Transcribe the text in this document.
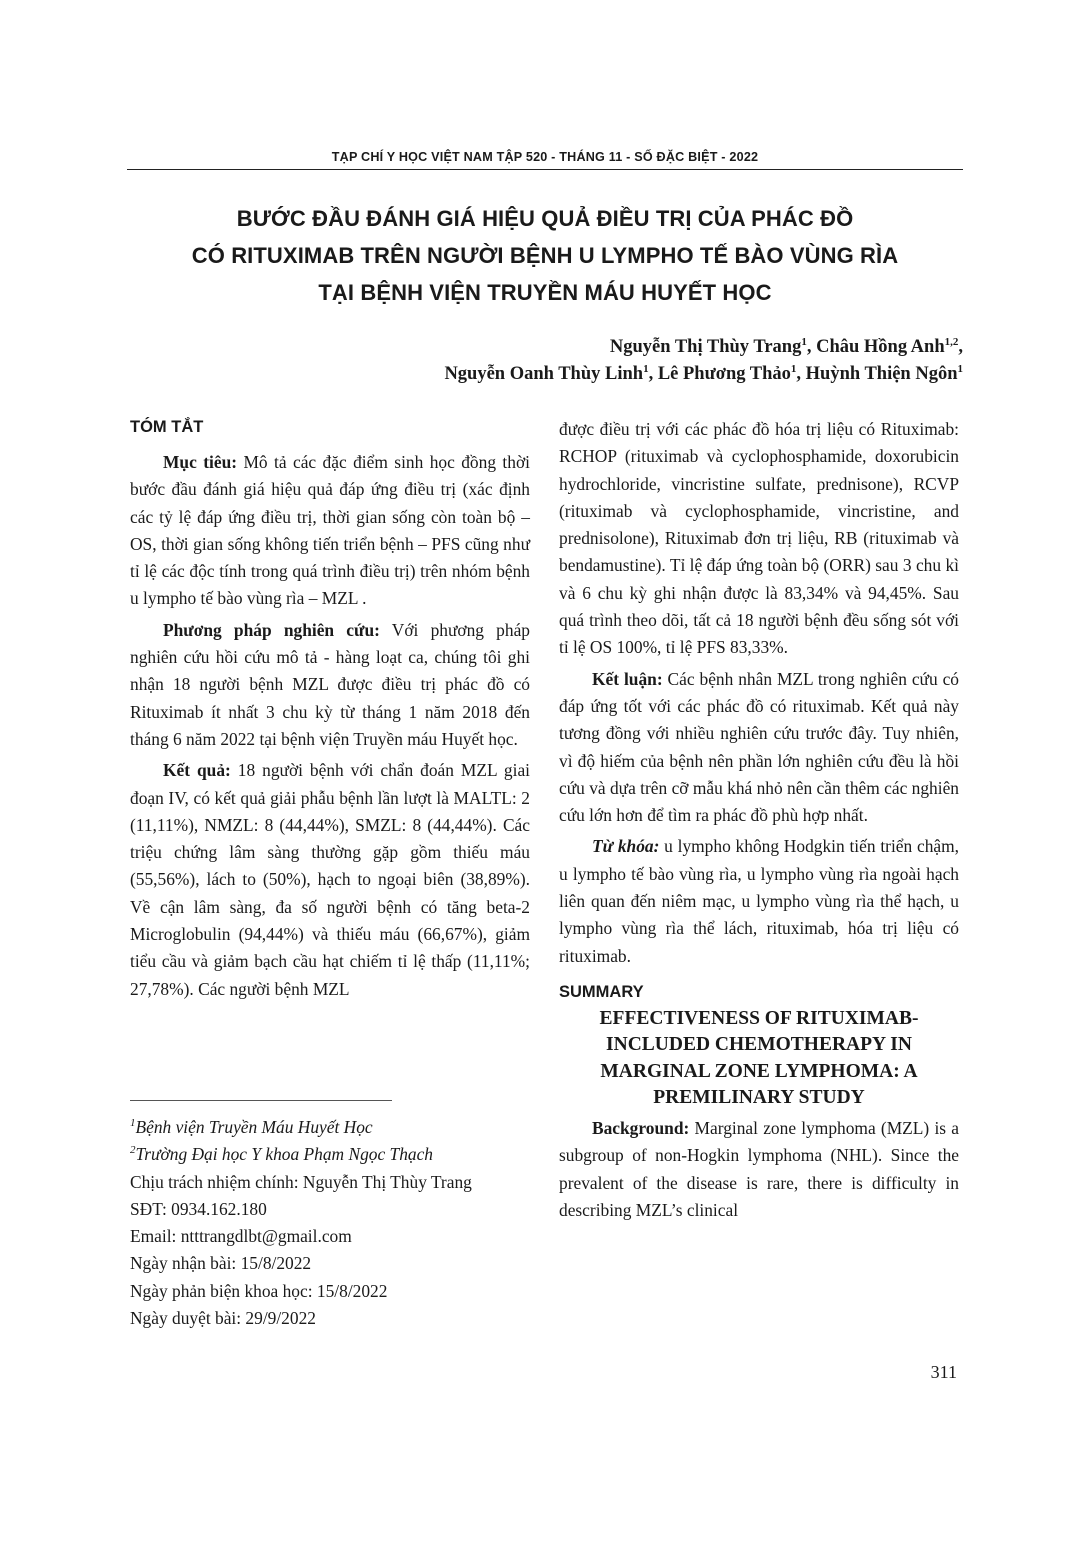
TẠP CHÍ Y HỌC VIỆT NAM TẬP 520 - THÁNG 11 - SỐ ĐẶC BIỆT - 2022
BƯỚC ĐẦU ĐÁNH GIÁ HIỆU QUẢ ĐIỀU TRỊ CỦA PHÁC ĐỒ
CÓ RITUXIMAB TRÊN NGƯỜI BỆNH U LYMPHO TẾ BÀO VÙNG RÌA
TẠI BỆNH VIỆN TRUYỀN MÁU HUYẾT HỌC
Nguyễn Thị Thùy Trang$^1$, Châu Hồng Anh$^{1,2}$,
Nguyễn Oanh Thùy Linh$^1$, Lê Phương Thảo$^1$, Huỳnh Thiện Ngôn$^1$
TÓM TẮT

Mục tiêu: Mô tả các đặc điểm sinh học đồng thời bước đầu đánh giá hiệu quả đáp ứng điều trị (xác định các tỷ lệ đáp ứng điều trị, thời gian sống còn toàn bộ – OS, thời gian sống không tiến triển bệnh – PFS cũng như tỉ lệ các độc tính trong quá trình điều trị) trên nhóm bệnh u lympho tế bào vùng rìa – MZL .

Phương pháp nghiên cứu: Với phương pháp nghiên cứu hồi cứu mô tả - hàng loạt ca, chúng tôi ghi nhận 18 người bệnh MZL được điều trị phác đồ có Rituximab ít nhất 3 chu kỳ từ tháng 1 năm 2018 đến tháng 6 năm 2022 tại bệnh viện Truyền máu Huyết học.

Kết quả: 18 người bệnh với chẩn đoán MZL giai đoạn IV, có kết quả giải phẫu bệnh lần lượt là MALTL: 2 (11,11%), NMZL: 8 (44,44%), SMZL: 8 (44,44%). Các triệu chứng lâm sàng thường gặp gồm thiếu máu (55,56%), lách to (50%), hạch to ngoại biên (38,89%). Về cận lâm sàng, đa số người bệnh có tăng beta-2 Microglobulin (94,44%) và thiếu máu (66,67%), giảm tiểu cầu và giảm bạch cầu hạt chiếm tỉ lệ thấp (11,11%; 27,78%). Các người bệnh MZL

được điều trị với các phác đồ hóa trị liệu có Rituximab: RCHOP (rituximab và cyclophosphamide, doxorubicin hydrochloride, vincristine sulfate, prednisone), RCVP (rituximab và cyclophosphamide, vincristine, and prednisolone), Rituximab đơn trị liệu, RB (rituximab và bendamustine). Tỉ lệ đáp ứng toàn bộ (ORR) sau 3 chu kì và 6 chu kỳ ghi nhận được là 83,34% và 94,45%. Sau quá trình theo dõi, tất cả 18 người bệnh đều sống sót với tỉ lệ OS 100%, tỉ lệ PFS 83,33%.

Kết luận: Các bệnh nhân MZL trong nghiên cứu có đáp ứng tốt với các phác đồ có rituximab. Kết quả này tương đồng với nhiều nghiên cứu trước đây. Tuy nhiên, vì độ hiếm của bệnh nên phần lớn nghiên cứu đều là hồi cứu và dựa trên cỡ mẫu khá nhỏ nên cần thêm các nghiên cứu lớn hơn để tìm ra phác đồ phù hợp nhất.

Từ khóa: u lympho không Hodgkin tiến triển chậm, u lympho tế bào vùng rìa, u lympho vùng rìa ngoài hạch liên quan đến niêm mạc, u lympho vùng rìa thể hạch, u lympho vùng rìa thể lách, rituximab, hóa trị liệu có rituximab.

SUMMARY
EFFECTIVENESS OF RITUXIMAB-
INCLUDED CHEMOTHERAPY IN
MARGINAL ZONE LYMPHOMA: A
PREMILINARY STUDY

Background: Marginal zone lymphoma (MZL) is a subgroup of non-Hogkin lymphoma (NHL). Since the prevalent of the disease is rare, there is difficulty in describing MZL’s clinical

$^1$Bệnh viện Truyền Máu Huyết Học
$^2$Trường Đại học Y khoa Phạm Ngọc Thạch
Chịu trách nhiệm chính: Nguyễn Thị Thùy Trang
SĐT: 0934.162.180
Email: ntttrangdlbt@gmail.com
Ngày nhận bài: 15/8/2022
Ngày phản biện khoa học: 15/8/2022
Ngày duyệt bài: 29/9/2022
311
